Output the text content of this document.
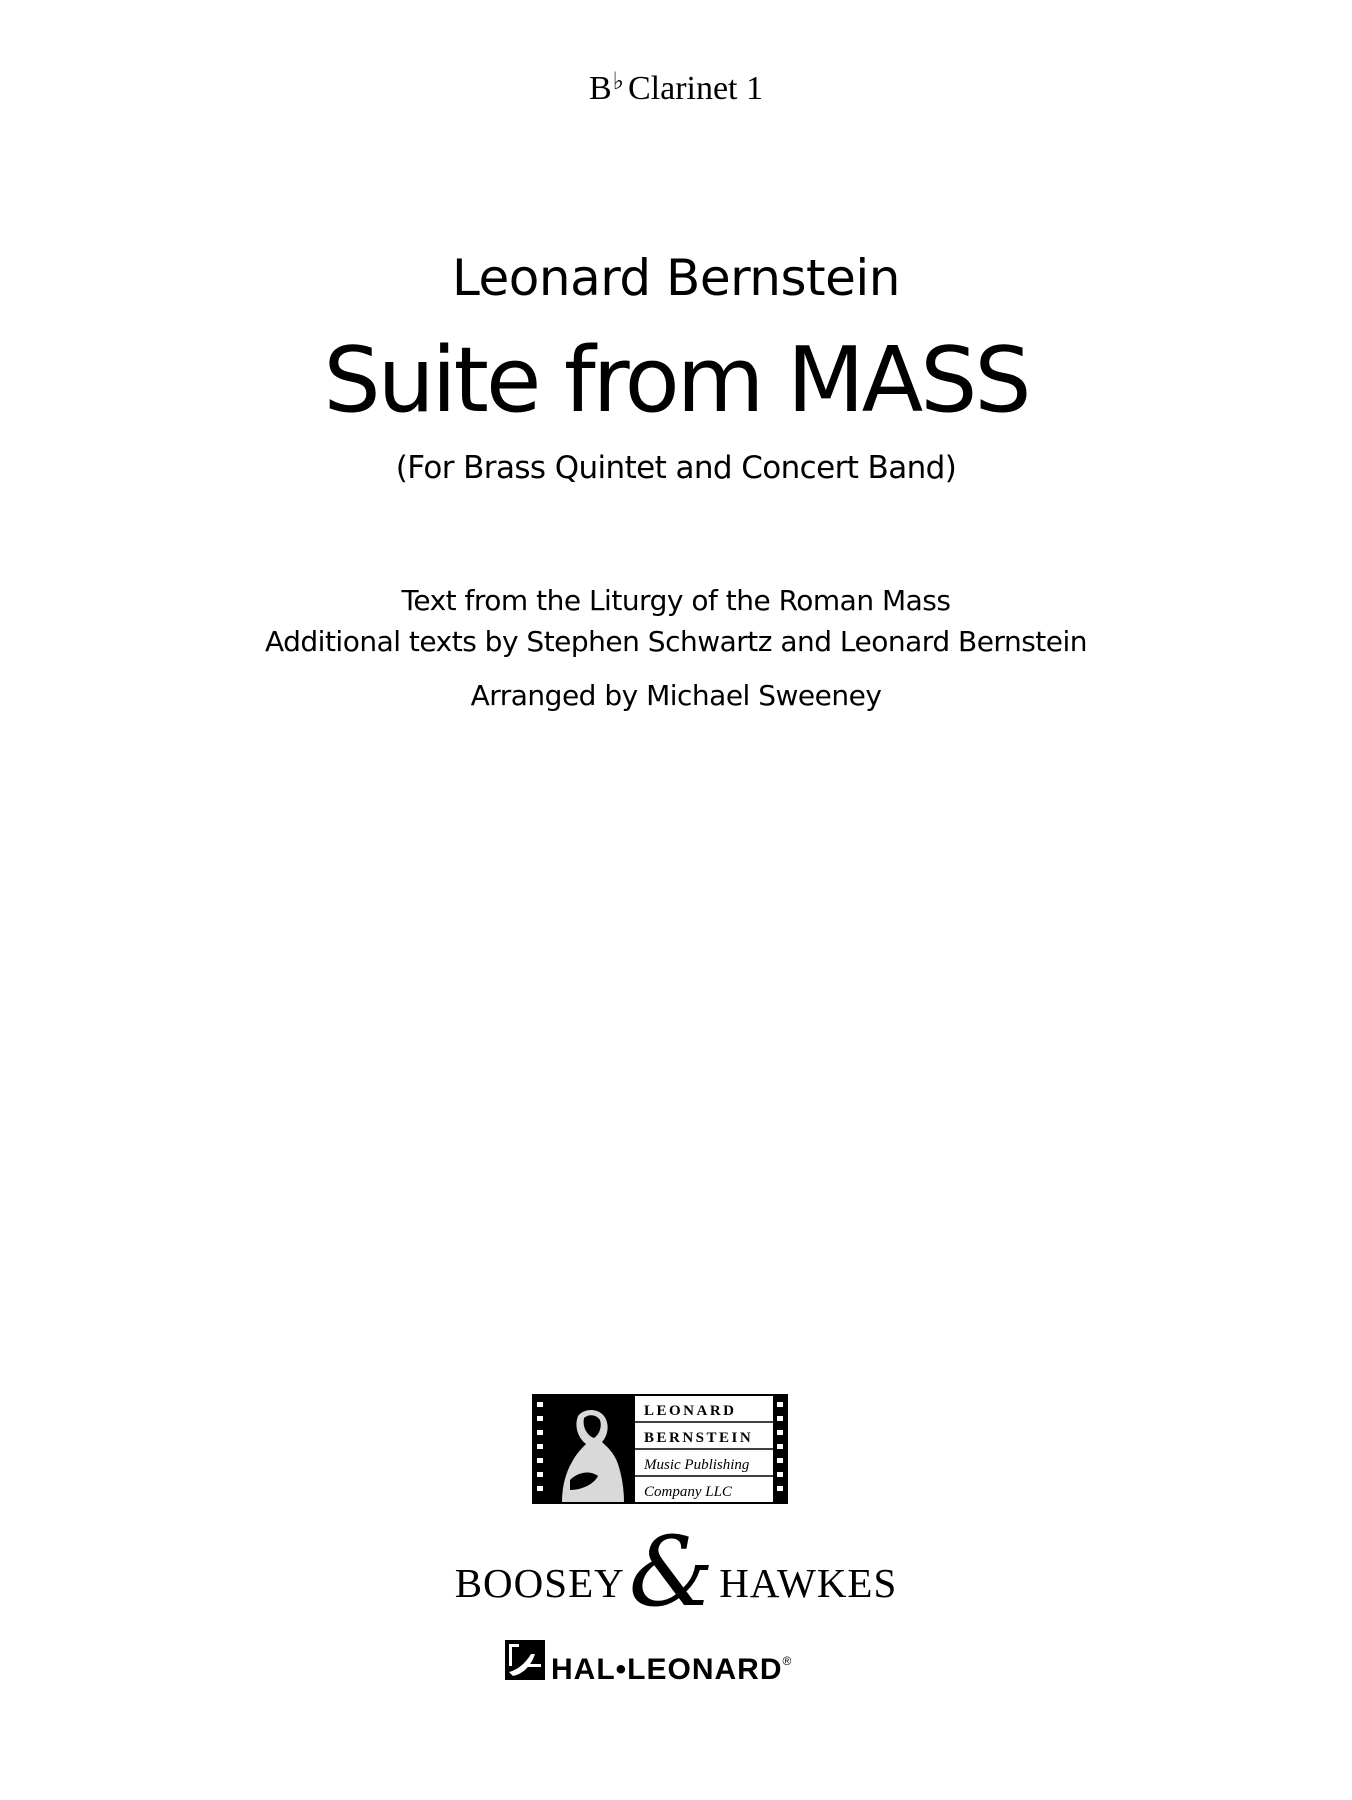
B♭ Clarinet 1
Leonard Bernstein
Suite from MASS
(For Brass Quintet and Concert Band)
Text from the Liturgy of the Roman Mass
Additional texts by Stephen Schwartz and Leonard Bernstein
Arranged by Michael Sweeney
LEONARD
BERNSTEIN
Music Publishing
Company LLC
BOOSEY&HAWKES
HAL•LEONARD®
